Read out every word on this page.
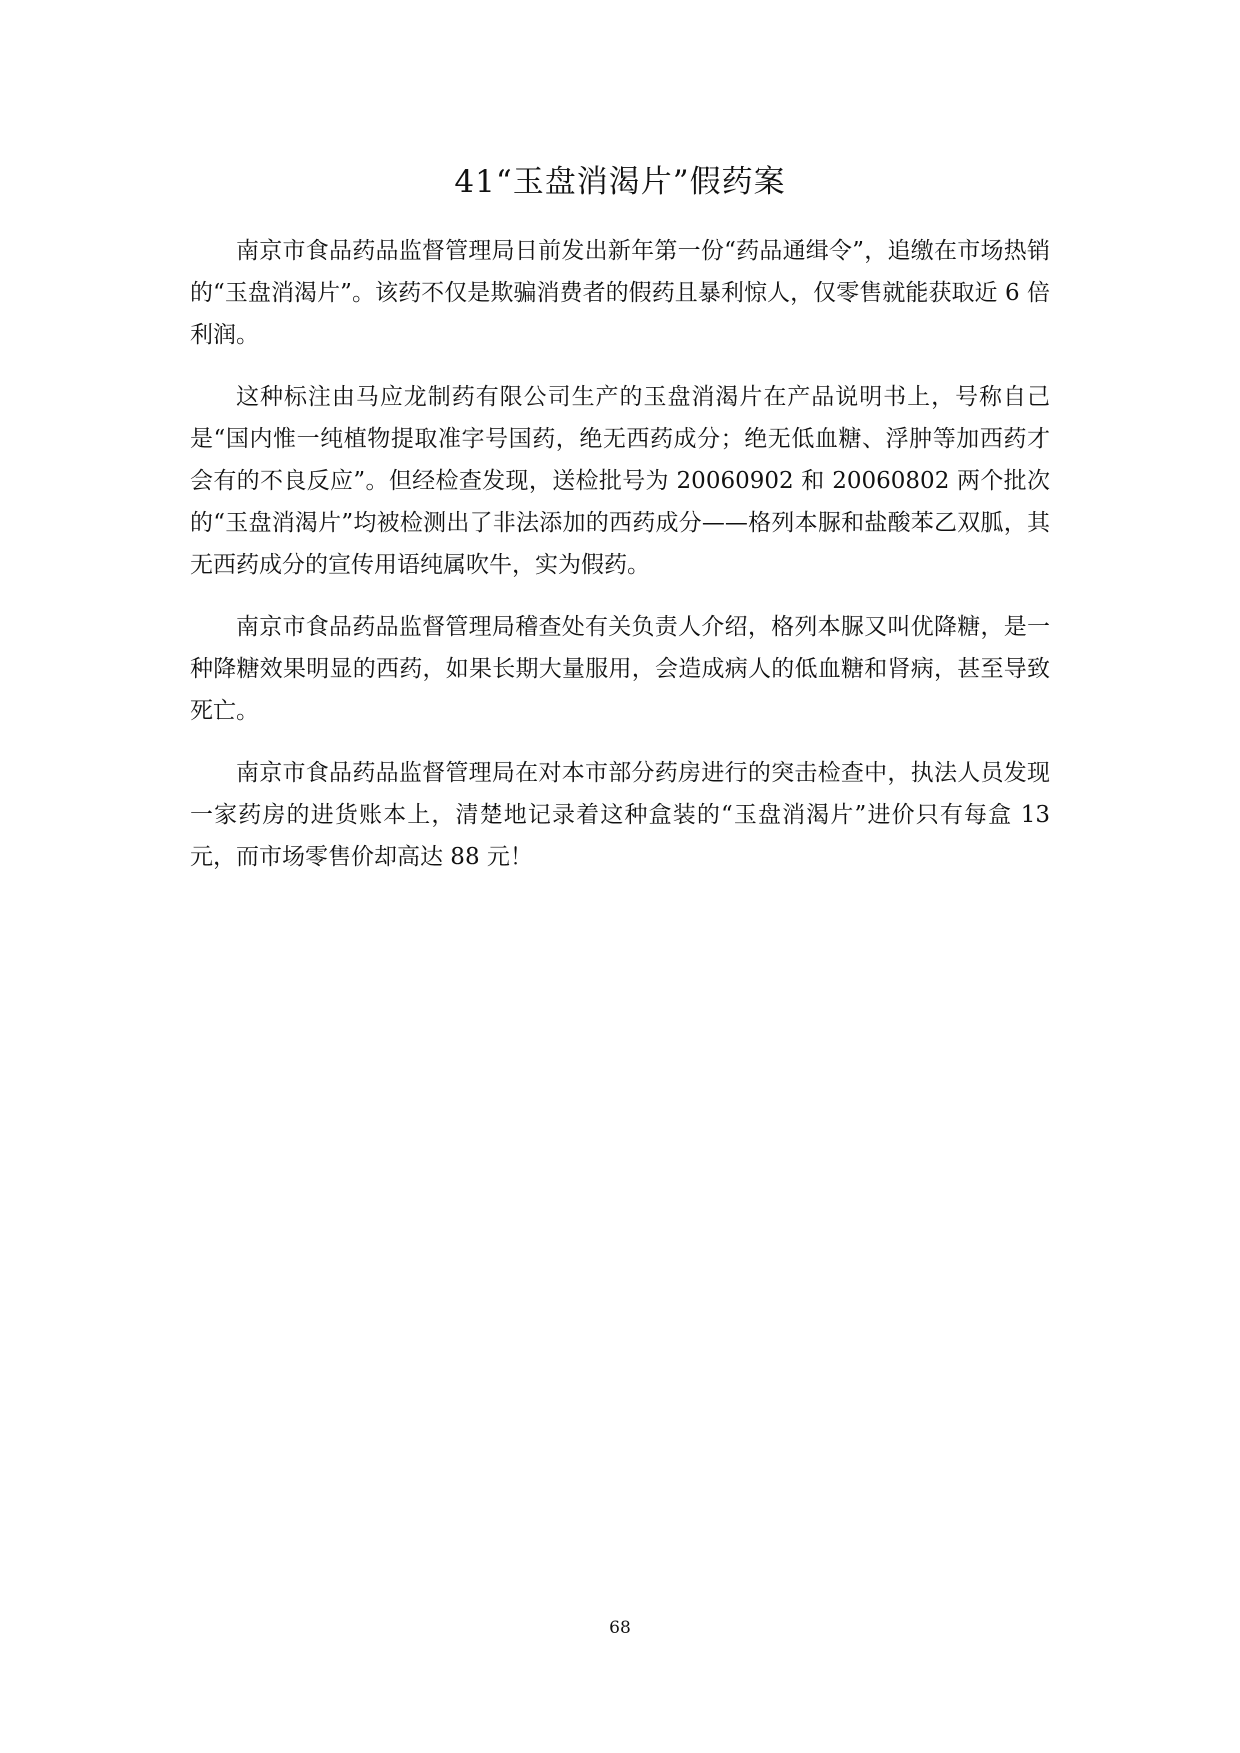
41“玉盘消渴片”假药案

南京市食品药品监督管理局日前发出新年第一份“药品通缉令”，追缴在市场热销的“玉盘消渴片”。该药不仅是欺骗消费者的假药且暴利惊人，仅零售就能获取近 6 倍利润。

这种标注由马应龙制药有限公司生产的玉盘消渴片在产品说明书上，号称自己是“国内惟一纯植物提取准字号国药，绝无西药成分；绝无低血糖、浮肿等加西药才会有的不良反应”。但经检查发现，送检批号为 20060902 和 20060802 两个批次的“玉盘消渴片”均被检测出了非法添加的西药成分——格列本脲和盐酸苯乙双胍，其无西药成分的宣传用语纯属吹牛，实为假药。

南京市食品药品监督管理局稽查处有关负责人介绍，格列本脲又叫优降糖，是一种降糖效果明显的西药，如果长期大量服用，会造成病人的低血糖和肾病，甚至导致死亡。

南京市食品药品监督管理局在对本市部分药房进行的突击检查中，执法人员发现一家药房的进货账本上，清楚地记录着这种盒装的“玉盘消渴片”进价只有每盒 13 元，而市场零售价却高达 88 元！

68
